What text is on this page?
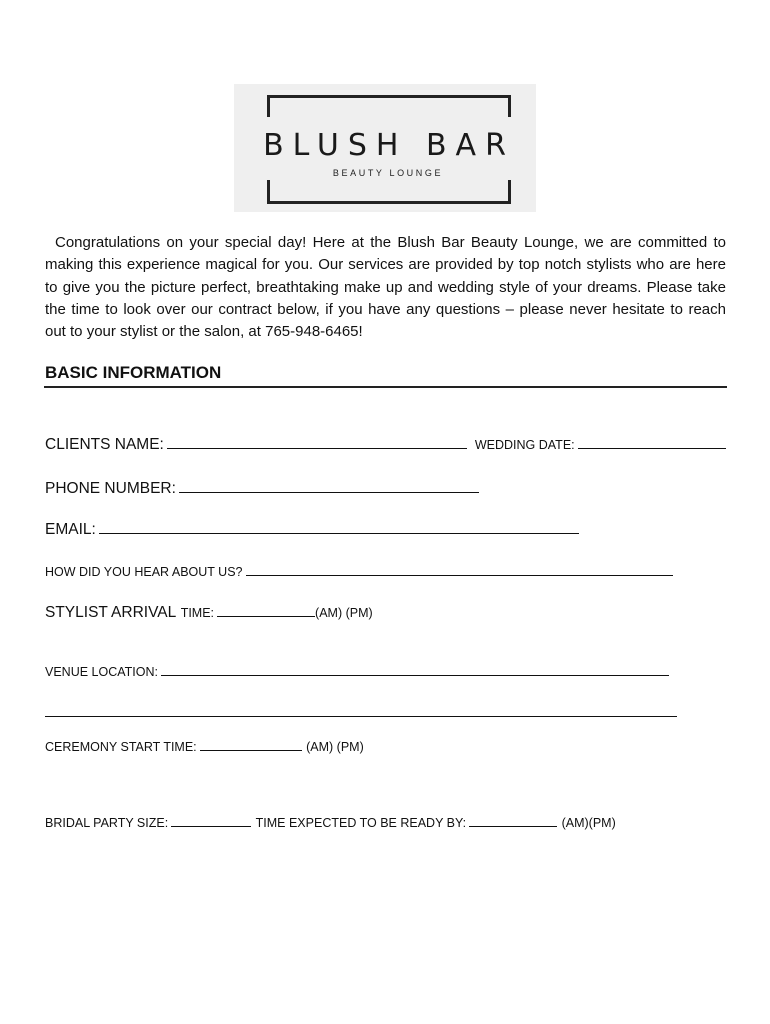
BLUSH BAR
BEAUTY LOUNGE
Congratulations on your special day! Here at the Blush Bar Beauty Lounge, we are committed to making this experience magical for you. Our services are provided by top notch stylists who are here to give you the picture perfect, breathtaking make up and wedding style of your dreams. Please take the time to look over our contract below, if you have any questions – please never hesitate to reach out to your stylist or the salon, at 765-948-6465!
BASIC INFORMATION
CLIENTS NAME:	WEDDING DATE:
PHONE NUMBER:
EMAIL:
HOW DID YOU HEAR ABOUT US?
STYLIST ARRIVAL TIME:	(AM) (PM)
VENUE LOCATION:
CEREMONY START TIME:	(AM) (PM)
BRIDAL PARTY SIZE:	TIME EXPECTED TO BE READY BY:	(AM)(PM)
